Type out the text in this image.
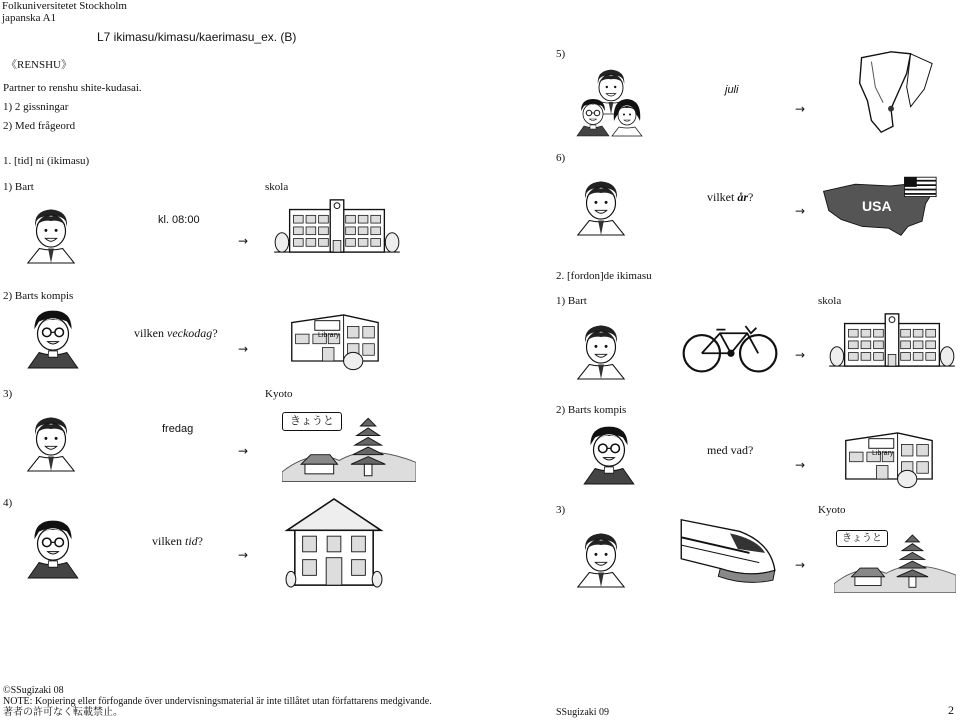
Folkuniversitetet Stockholm
japanska A1
L7 ikimasu/kimasu/kaerimasu_ex. (B)
《RENSHU》
Partner to renshu shite-kudasai.
1) 2 gissningar
2) Med frågeord
1. [tid] ni (ikimasu)
1) Bart	skola
kl. 08:00
→
2) Barts kompis
vilken veckodag?
→
Library
3)	Kyoto
fredag
→
きょうと
4)
vilken tid?
→
5)
juli
→
6)
vilket år?
→	USA
2. [fordon]de ikimasu
1) Bart	skola
→
2) Barts kompis
med vad?
→
Library
3)	Kyoto
→
きょうと
©SSugizaki 08
NOTE: Kopiering eller förfogande över undervisningsmaterial är inte tillåtet utan författarens medgivande.
著者の許可なく転載禁止。	SSugizaki 09	2
